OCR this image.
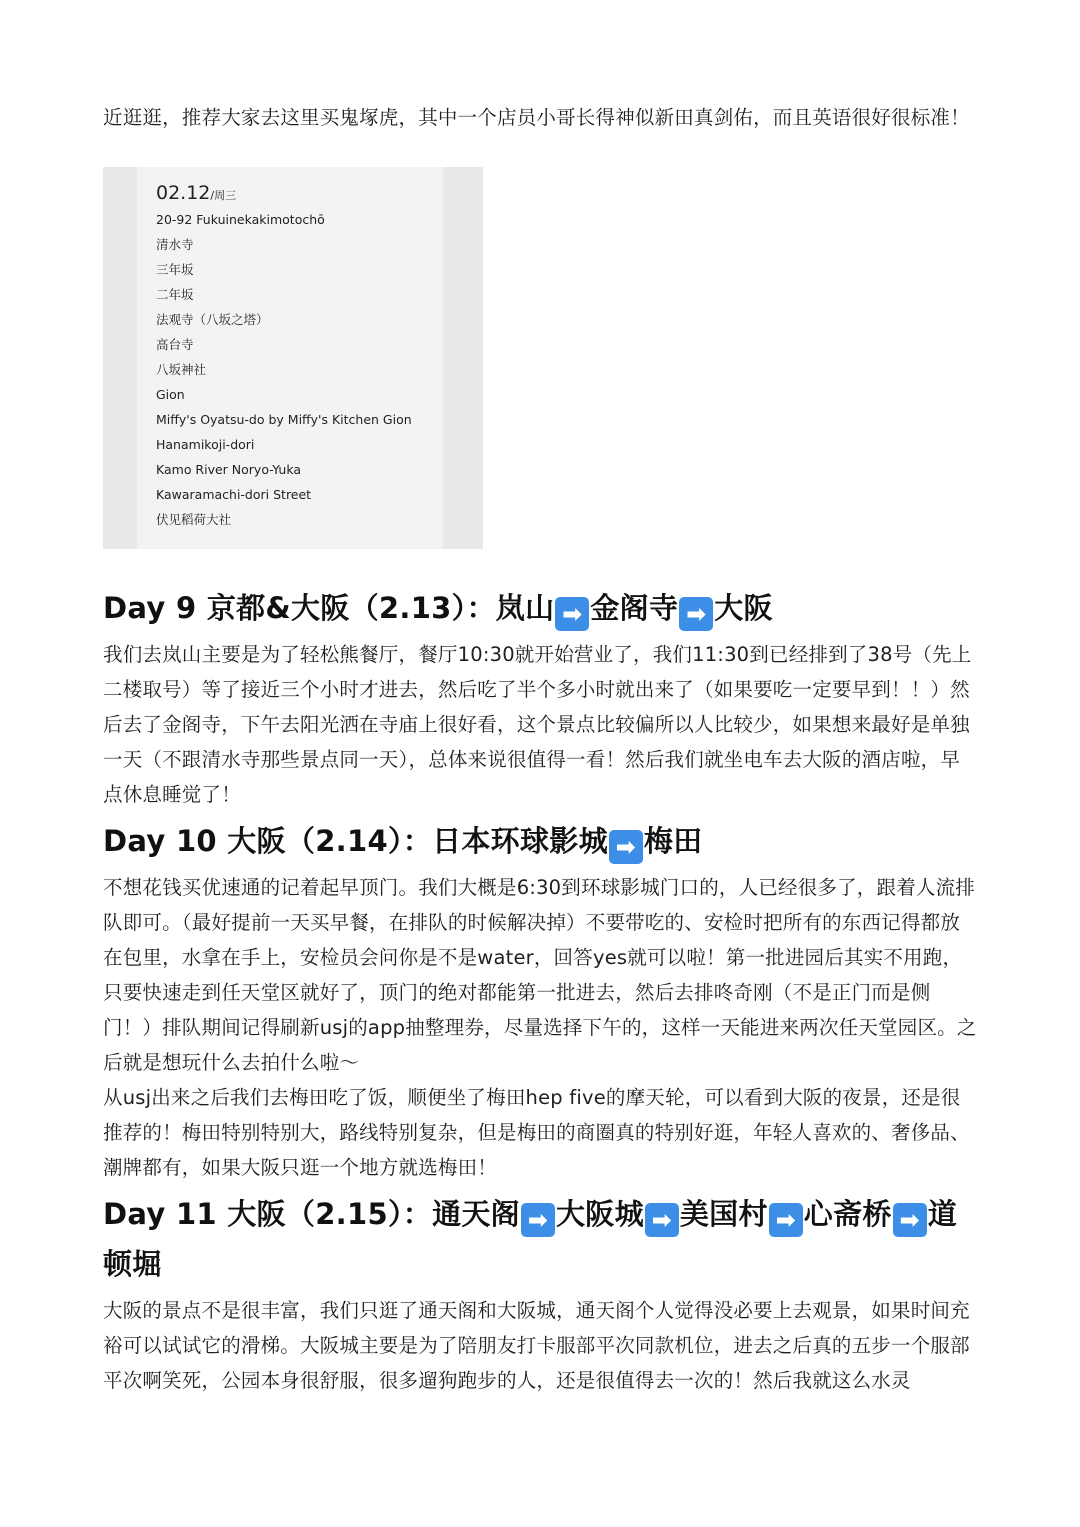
近逛逛，推荐大家去这里买鬼塚虎，其中一个店员小哥长得神似新田真剑佑，而且英语很好很标准！

02.12/周三
20-92 Fukuinekakimotochō
清水寺
三年坂
二年坂
法观寺（八坂之塔）
高台寺
八坂神社
Gion
Miffy's Oyatsu-do by Miffy's Kitchen Gion
Hanamikoji-dori
Kamo River Noryo-Yuka
Kawaramachi-dori Street
伏见稻荷大社
Day 9 京都&大阪（2.13）：岚山 ➡ 金阁寺 ➡ 大阪

我们去岚山主要是为了轻松熊餐厅，餐厅10:30就开始营业了，我们11:30到已经排到了38号（先上二楼取号）等了接近三个小时才进去，然后吃了半个多小时就出来了（如果要吃一定要早到！！）然后去了金阁寺，下午去阳光洒在寺庙上很好看，这个景点比较偏所以人比较少，如果想来最好是单独一天（不跟清水寺那些景点同一天），总体来说很值得一看！然后我们就坐电车去大阪的酒店啦，早点休息睡觉了！

Day 10 大阪（2.14）：日本环球影城 ➡ 梅田

不想花钱买优速通的记着起早顶门。我们大概是6:30到环球影城门口的，人已经很多了，跟着人流排队即可。（最好提前一天买早餐，在排队的时候解决掉）不要带吃的、安检时把所有的东西记得都放在包里，水拿在手上，安检员会问你是不是water，回答yes就可以啦！第一批进园后其实不用跑，只要快速走到任天堂区就好了，顶门的绝对都能第一批进去，然后去排咚奇刚（不是正门而是侧门！）排队期间记得刷新usj的app抽整理券，尽量选择下午的，这样一天能进来两次任天堂园区。之后就是想玩什么去拍什么啦～

从usj出来之后我们去梅田吃了饭，顺便坐了梅田hep five的摩天轮，可以看到大阪的夜景，还是很推荐的！梅田特别特别大，路线特别复杂，但是梅田的商圈真的特别好逛，年轻人喜欢的、奢侈品、潮牌都有，如果大阪只逛一个地方就选梅田！

Day 11 大阪（2.15）：通天阁 ➡ 大阪城 ➡ 美国村 ➡ 心斋桥 ➡ 道顿堀

大阪的景点不是很丰富，我们只逛了通天阁和大阪城，通天阁个人觉得没必要上去观景，如果时间充裕可以试试它的滑梯。大阪城主要是为了陪朋友打卡服部平次同款机位，进去之后真的五步一个服部平次啊笑死，公园本身很舒服，很多遛狗跑步的人，还是很值得去一次的！然后我就这么水灵
